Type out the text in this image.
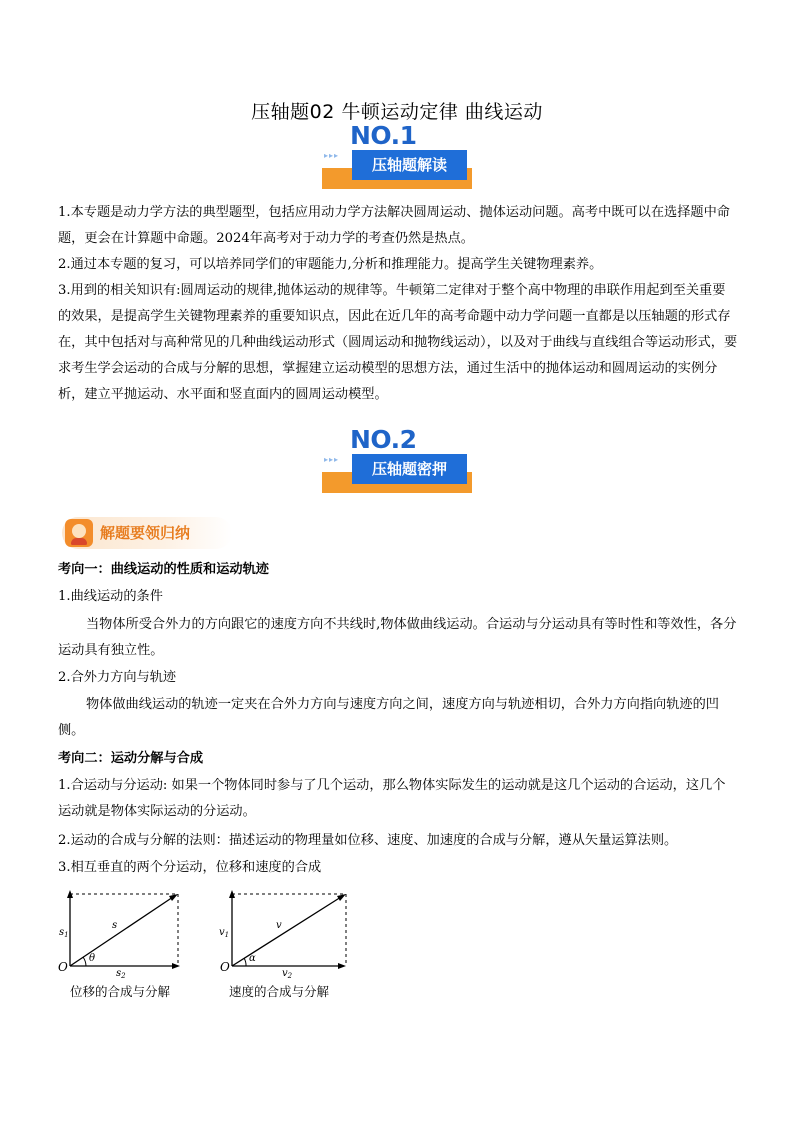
压轴题02 牛顿运动定律 曲线运动
NO.1
▸▸▸
压轴题解读

1.本专题是动力学方法的典型题型，包括应用动力学方法解决圆周运动、抛体运动问题。高考中既可以在选择题中命题，更会在计算题中命题。2024年高考对于动力学的考查仍然是热点。

2.通过本专题的复习，可以培养同学们的审题能力,分析和推理能力。提高学生关键物理素养。

3.用到的相关知识有:圆周运动的规律,抛体运动的规律等。牛顿第二定律对于整个高中物理的串联作用起到至关重要的效果，是提高学生关键物理素养的重要知识点，因此在近几年的高考命题中动力学问题一直都是以压轴题的形式存在，其中包括对与高种常见的几种曲线运动形式（圆周运动和抛物线运动），以及对于曲线与直线组合等运动形式，要求考生学会运动的合成与分解的思想，掌握建立运动模型的思想方法，通过生活中的抛体运动和圆周运动的实例分析，建立平抛运动、水平面和竖直面内的圆周运动模型。

NO.2
▸▸▸
压轴题密押
解题要领归纳

考向一：曲线运动的性质和运动轨迹

1.曲线运动的条件

当物体所受合外力的方向跟它的速度方向不共线时,物体做曲线运动。合运动与分运动具有等时性和等效性，各分运动具有独立性。

2.合外力方向与轨迹

物体做曲线运动的轨迹一定夹在合外力方向与速度方向之间，速度方向与轨迹相切，合外力方向指向轨迹的凹侧。

考向二：运动分解与合成

1.合运动与分运动: 如果一个物体同时参与了几个运动，那么物体实际发生的运动就是这几个运动的合运动，这几个运动就是物体实际运动的分运动。

2.运动的合成与分解的法则：描述运动的物理量如位移、速度、加速度的合成与分解，遵从矢量运算法则。

3.相互垂直的两个分运动，位移和速度的合成

O
$s_1$
$s_2$
s
θ
位移的合成与分解
O
$v_1$
$v_2$
v
α
速度的合成与分解
